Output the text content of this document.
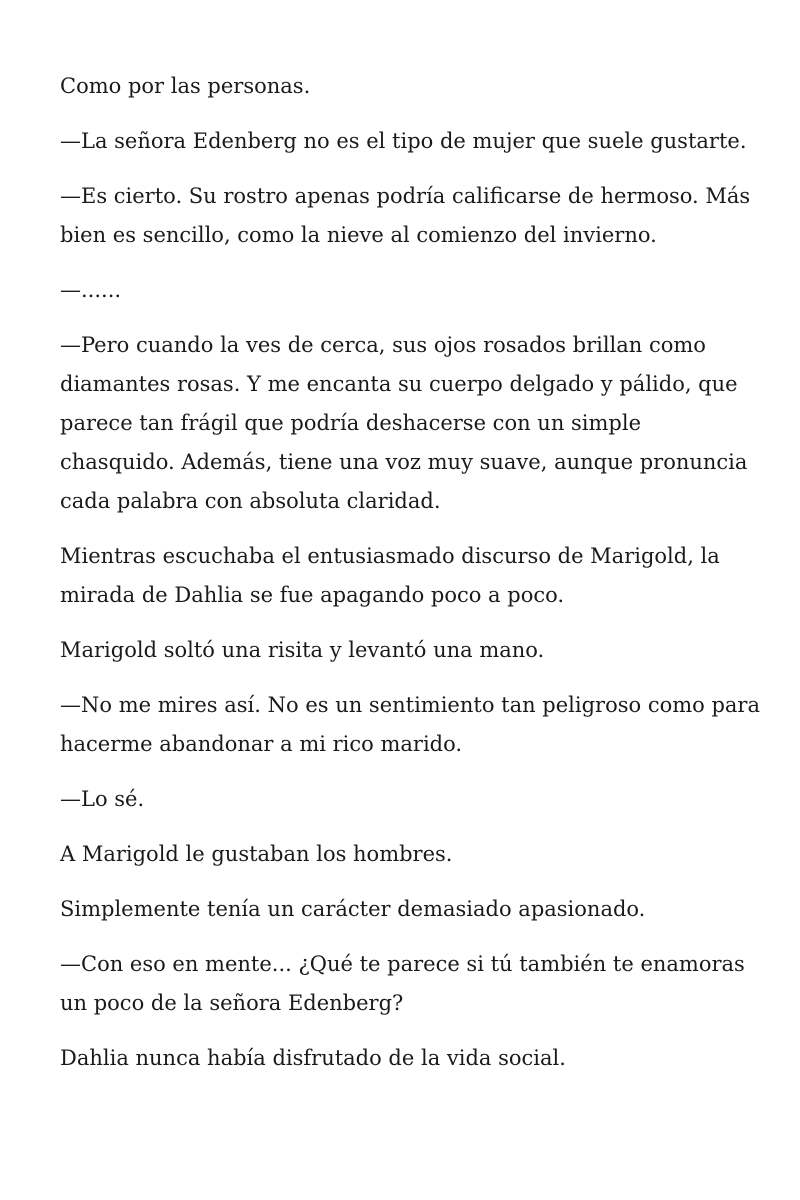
Como por las personas.

—La señora Edenberg no es el tipo de mujer que suele gustarte.

—Es cierto. Su rostro apenas podría calificarse de hermoso. Más bien es sencillo, como la nieve al comienzo del invierno.

—......

—Pero cuando la ves de cerca, sus ojos rosados brillan como diamantes rosas. Y me encanta su cuerpo delgado y pálido, que parece tan frágil que podría deshacerse con un simple chasquido. Además, tiene una voz muy suave, aunque pronuncia cada palabra con absoluta claridad.

Mientras escuchaba el entusiasmado discurso de Marigold, la mirada de Dahlia se fue apagando poco a poco.

Marigold soltó una risita y levantó una mano.

—No me mires así. No es un sentimiento tan peligroso como para hacerme abandonar a mi rico marido.

—Lo sé.

A Marigold le gustaban los hombres.

Simplemente tenía un carácter demasiado apasionado.

—Con eso en mente... ¿Qué te parece si tú también te enamoras un poco de la señora Edenberg?

Dahlia nunca había disfrutado de la vida social.
